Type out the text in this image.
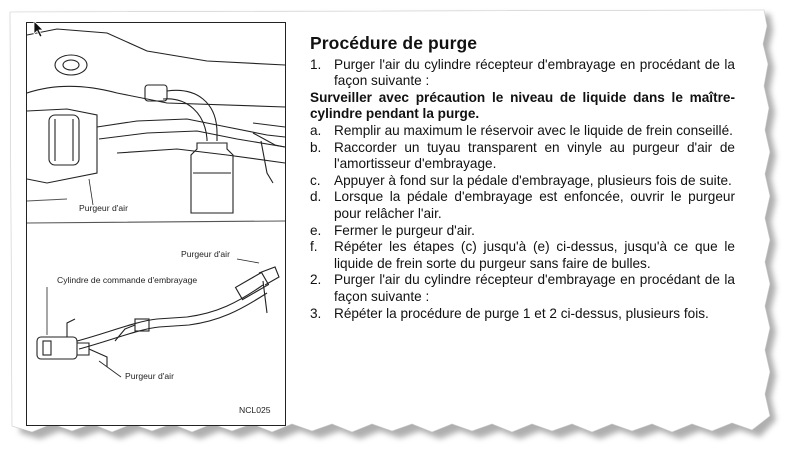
Purgeur d'air
Purgeur d'air
Cylindre de commande d'embrayage
Purgeur d'air
NCL025
Procédure de purge
1. Purger l'air du cylindre récepteur d'embrayage en procédant de la façon suivante :
Surveiller avec précaution le niveau de liquide dans le maître-cylindre pendant la purge.
a. Remplir au maximum le réservoir avec le liquide de frein conseillé.
b. Raccorder un tuyau transparent en vinyle au purgeur d'air de l'amortisseur d'embrayage.
c. Appuyer à fond sur la pédale d'embrayage, plusieurs fois de suite.
d. Lorsque la pédale d'embrayage est enfoncée, ouvrir le purgeur pour relâcher l'air.
e. Fermer le purgeur d'air.
f.	Répéter les étapes (c) jusqu'à (e) ci-dessus, jusqu'à ce que le liquide de frein sorte du purgeur sans faire de bulles.
2. Purger l'air du cylindre récepteur d'embrayage en procédant de la façon suivante :
3. Répéter la procédure de purge 1 et 2 ci-dessus, plusieurs fois.
